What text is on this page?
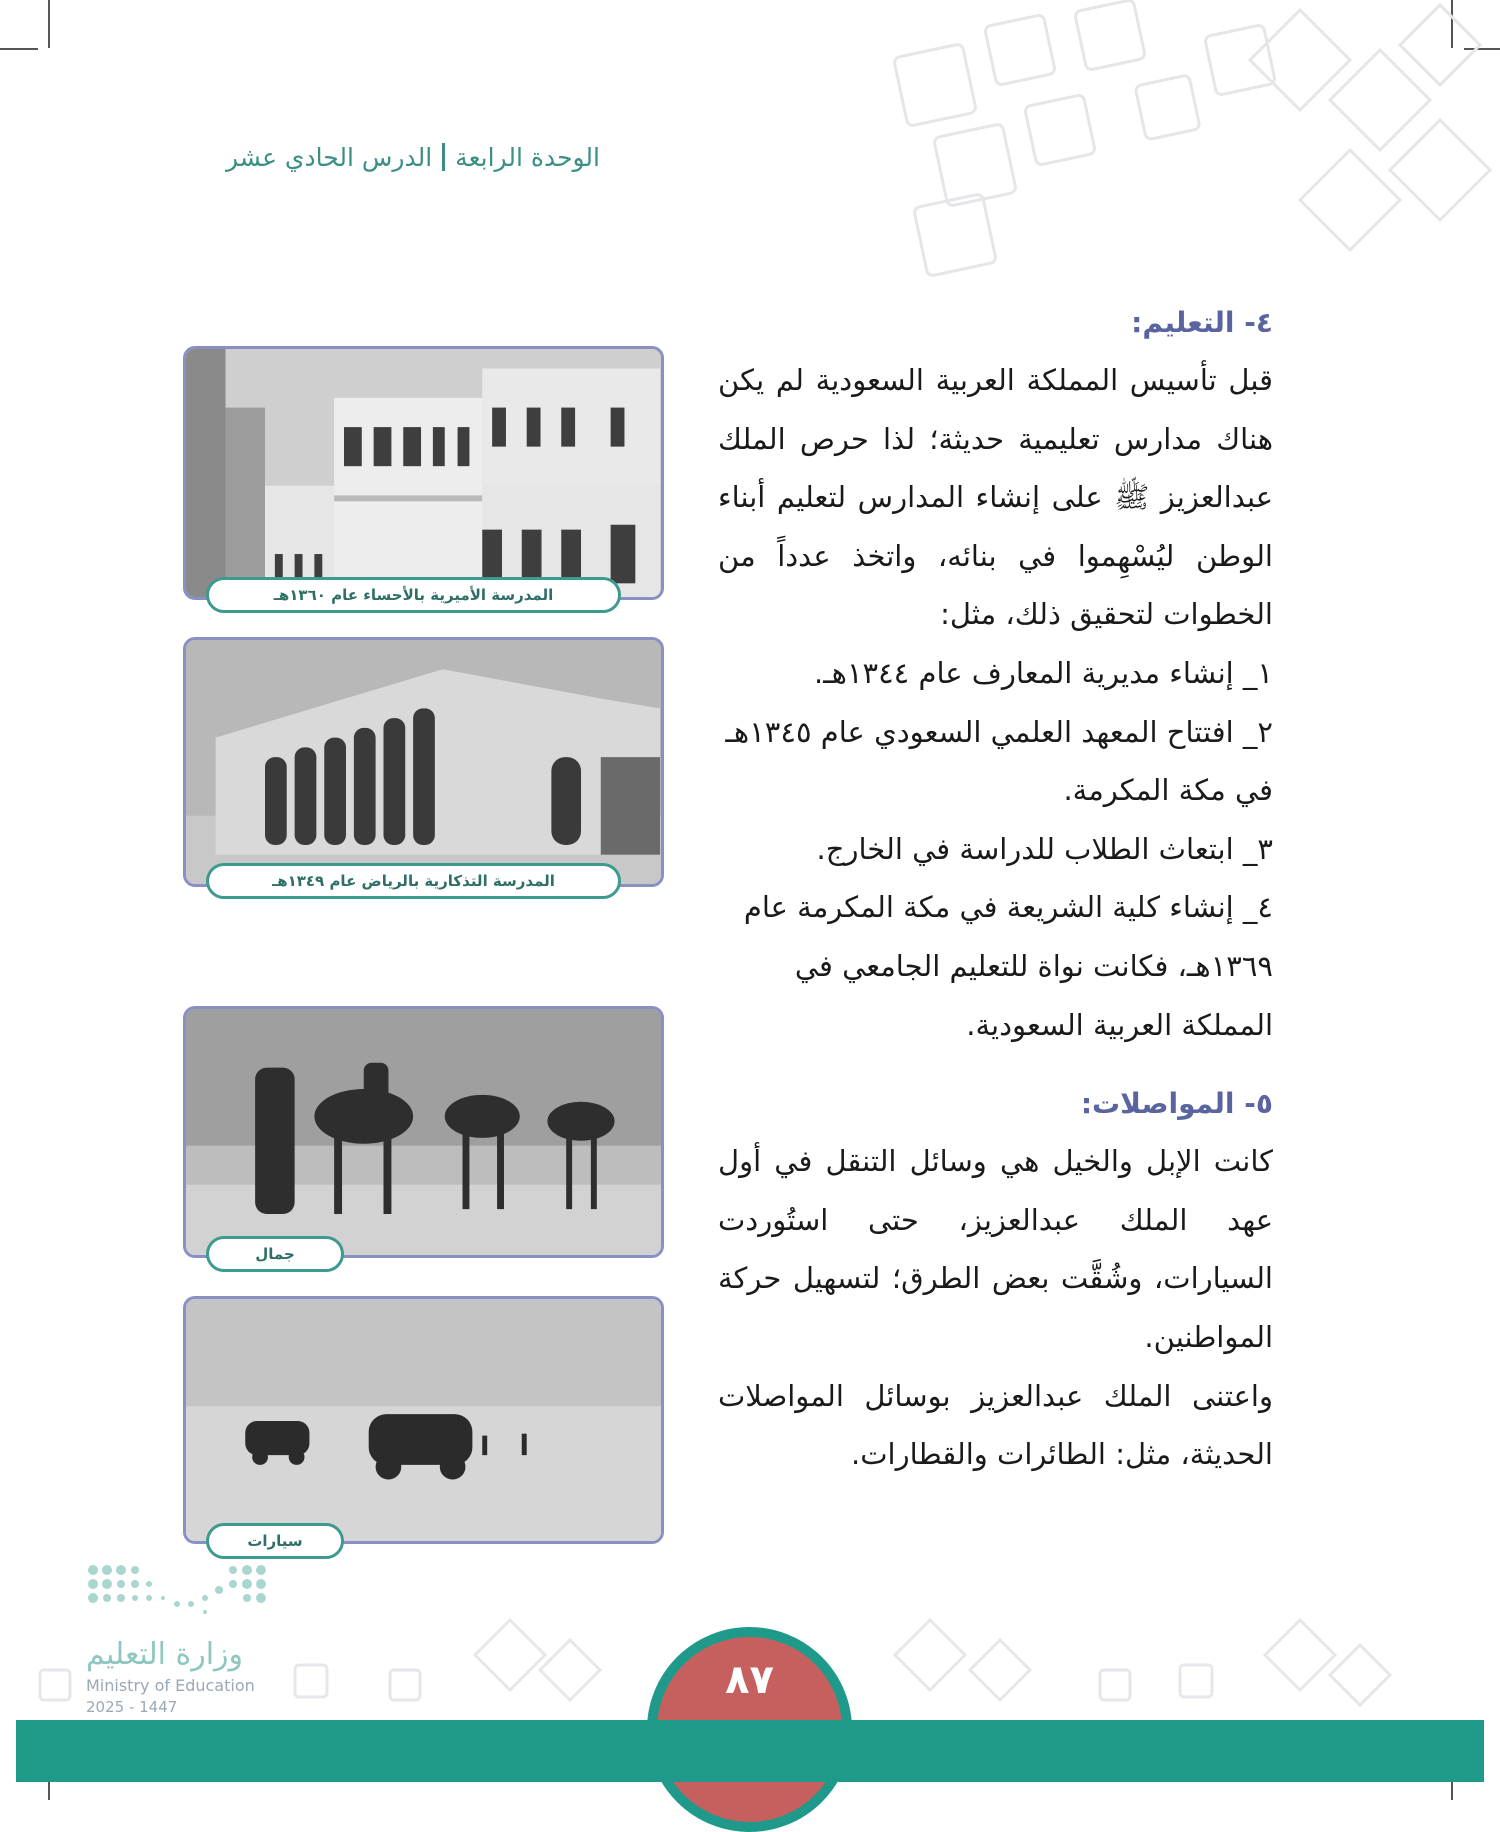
الوحدة الرابعةالدرس الحادي عشر
٤- التعليم:

قبل تأسيس المملكة العربية السعودية لم يكن هناك مدارس تعليمية حديثة؛ لذا حرص الملك عبدالعزيز ﷺ على إنشاء المدارس لتعليم أبناء الوطن ليُسْهِموا في بنائه، واتخذ عدداً من الخطوات لتحقيق ذلك، مثل:

١_ إنشاء مديرية المعارف عام ١٣٤٤هـ.

٢_ افتتاح المعهد العلمي السعودي عام ١٣٤٥هـ في مكة المكرمة.

٣_ ابتعاث الطلاب للدراسة في الخارج.

٤_ إنشاء كلية الشريعة في مكة المكرمة عام ١٣٦٩هـ، فكانت نواة للتعليم الجامعي في المملكة العربية السعودية.

٥- المواصلات:

كانت الإبل والخيل هي وسائل التنقل في أول عهد الملك عبدالعزيز، حتى استُوردت السيارات، وشُقَّت بعض الطرق؛ لتسهيل حركة المواطنين.

واعتنى الملك عبدالعزيز بوسائل المواصلات الحديثة، مثل: الطائرات والقطارات.

المدرسة الأميرية بالأحساء عام ١٣٦٠هـ
المدرسة التذكارية بالرياض عام ١٣٤٩هـ
جمال
سيارات
وزارة التعليم
Ministry of Education
2025 - 1447
٨٧
